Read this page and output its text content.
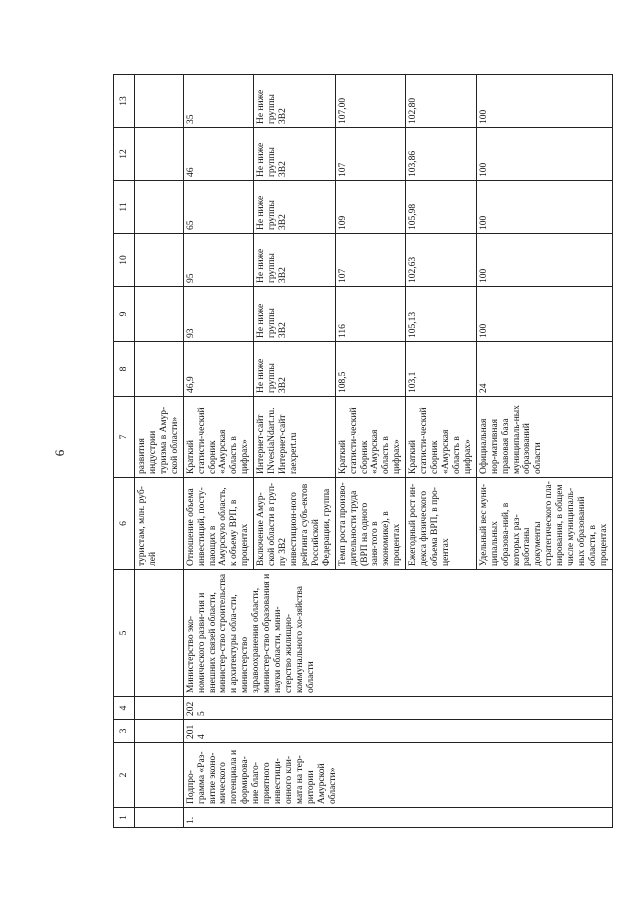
6
1	2	3	4	5	6	7	8	9	10	11	12	13
					туристам, млн. руб-лей	развития индустрии туризма в Амур-ской области»						
1.	Подпро-грамма «Раз-витие эконо-мического потенциала и формирова-ние благо-приятного инвестици-онного кли-мата на тер-ритории Амурской области»	2014	2025	Министерство эко-номического разви-тия и внешних связей области, министер-ство строительства и архитектуры обла-сти, министерство здравоохранения области, министер-ство образования и науки области, мини-стерство жилищно-коммунального хо-зяйства области	Отношение объема инвестиций, посту-пающих в Амурскую область, к объему ВРП, в процентах	Краткий статисти-ческий сборник «Амурская область в цифрах»	46,9	93	95	65	46	35
					Включение Амур-ской области в груп-пу 3В2 инвестицион-ного рейтинга субъ-ектов Российской Федерации, группа	Интернет-сайт INvestiaNdart.ru. Интернет-сайт raexpert.ru	Не ниже группы 3В2	Не ниже группы 3В2	Не ниже группы 3В2	Не ниже группы 3В2	Не ниже группы 3В2	Не ниже группы 3В2
					Темп роста произво-дительности труда (ВРП на одного заня-того в экономике), в процентах	Краткий статисти-ческий сборник «Амурская область в цифрах»	108,5	116	107	109	107	107,00
					Ежегодный рост ин-декса физического объема ВРП, в про-центах	Краткий статисти-ческий сборник «Амурская область в цифрах»	103,1	105,13	102,63	105,98	103,86	102,80
					Удельный вес муни-ципальных образова-ний, в которых раз-работаны документы стратегического пла-нирования, в общем числе муниципаль-ных образований области, в процентах	Официальная нор-мативная правовая база муниципаль-ных образований области	24	100	100	100	100	100
